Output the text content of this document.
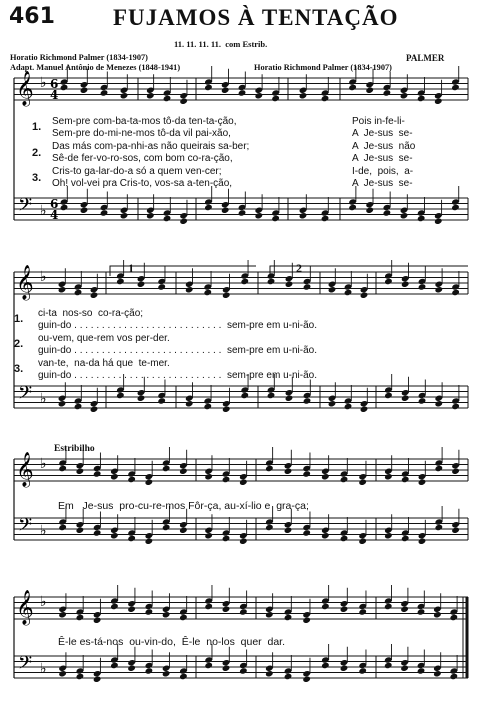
461	FUJAMOS À TENTAÇÃO
11. 11. 11. 11.  com Estrib.
Horatio Richmond Palmer (1834-1907)
Adapt. Manuel Antônio de Menezes (1848-1941)	Horatio Richmond Palmer (1834-1907)
PALMER
𝄞
𝄢
♭
♭
6
4
6
4
𝄞
𝄢
♭
♭
𝄞
𝄢
♭
♭
𝄞
𝄢
♭
♭
1.
2.
3.
Sem-pre com-ba-ta-mos tô-da ten-ta-ção,
Sem-pre do-mi-ne-mos tô-da vil pai-xão,
Das más com-pa-nhi-as não queirais sa-ber;
Sê-de fer-vo-ro-sos, com bom co-ra-ção,
Cris-to ga-lar-do-a só a quem ven-cer;
Oh! vol-vei pra Cris-to, vos-sa a-ten-ção,
Pois in-fe-li-
A  Je-sus  se-
A  Je-sus  não
A  Je-sus  se-
I-de,  pois,  a-
A  Je-sus  se-
1	2
1.
2.
3.
ci-ta  nos-so  co-ra-ção;
guin-do . . . . . . . . . . . . . . . . . . . . . . . . . . .  sem-pre em u-ni-ão.
ou-vem, que-rem vos per-der.
guin-do . . . . . . . . . . . . . . . . . . . . . . . . . . .  sem-pre em u-ni-ão.
van-te,  na-da há que  te-mer.
guin-do . . . . . . . . . . . . . . . . . . . . . . . . . . .  sem-pre em u-ni-ão.
Estribilho
Em   Je-sus  pro-cu-re-mos Fôr-ça, au-xí-lio e  gra-ça;
Ê-le es-tá-nos  ou-vin-do,  Ê-le  no-los  quer  dar.
